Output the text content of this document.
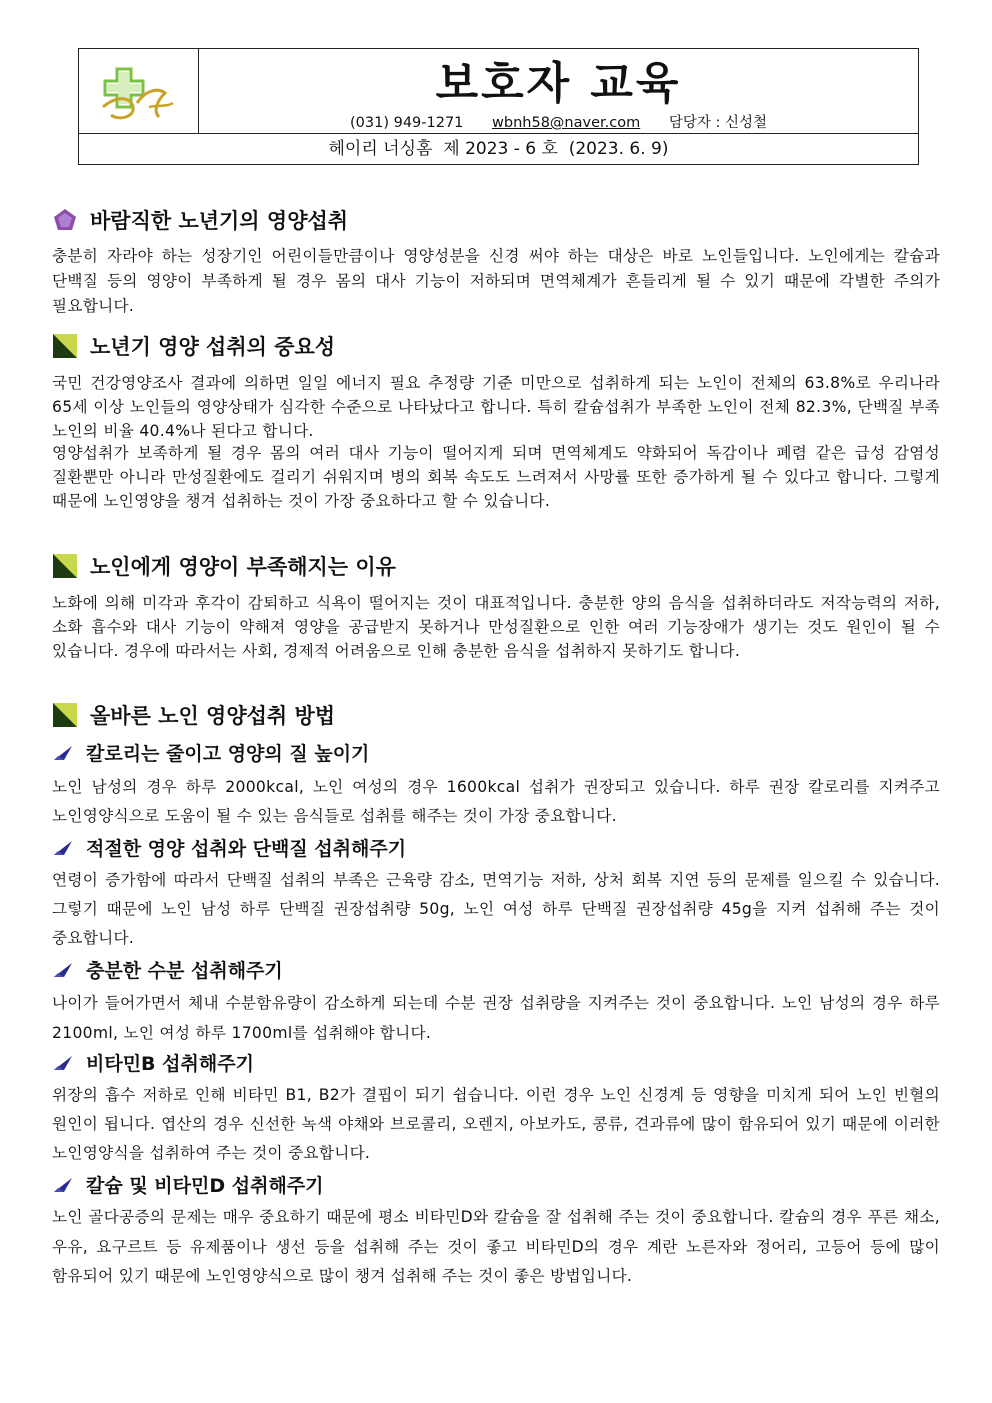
보호자 교육
(031) 949-1271 wbnh58@naver.com 담당자 : 신성철
헤이리 너싱홈  제 2023 - 6 호  (2023. 6. 9)
바람직한 노년기의 영양섭취
충분히 자라야 하는 성장기인 어린이들만큼이나 영양성분을 신경 써야 하는 대상은 바로 노인들입니다. 노인에게는 칼슘과 단백질 등의 영양이 부족하게 될 경우 몸의 대사 기능이 저하되며 면역체계가 흔들리게 될 수 있기 때문에 각별한 주의가 필요합니다.
노년기 영양 섭취의 중요성
국민 건강영양조사 결과에 의하면 일일 에너지 필요 추정량 기준 미만으로 섭취하게 되는 노인이 전체의 63.8%로 우리나라 65세 이상 노인들의 영양상태가 심각한 수준으로 나타났다고 합니다. 특히 칼슘섭취가 부족한 노인이 전체 82.3%, 단백질 부족 노인의 비율 40.4%나 된다고 합니다.
영양섭취가 보족하게 될 경우 몸의 여러 대사 기능이 떨어지게 되며 면역체계도 약화되어 독감이나 폐렴 같은 급성 감염성 질환뿐만 아니라 만성질환에도 걸리기 쉬워지며 병의 회복 속도도 느려져서 사망률 또한 증가하게 될 수 있다고 합니다. 그렇게 때문에 노인영양을 챙겨 섭취하는 것이 가장 중요하다고 할 수 있습니다.
노인에게 영양이 부족해지는 이유
노화에 의해 미각과 후각이 감퇴하고 식욕이 떨어지는 것이 대표적입니다. 충분한 양의 음식을 섭취하더라도 저작능력의 저하, 소화 흡수와 대사 기능이 약해져 영양을 공급받지 못하거나 만성질환으로 인한 여러 기능장애가 생기는 것도 원인이 될 수 있습니다. 경우에 따라서는 사회, 경제적 어려움으로 인해 충분한 음식을 섭취하지 못하기도 합니다.
올바른 노인 영양섭취 방법
칼로리는 줄이고 영양의 질 높이기
노인 남성의 경우 하루 2000kcal, 노인 여성의 경우 1600kcal 섭취가 권장되고 있습니다. 하루 권장 칼로리를 지켜주고 노인영양식으로 도움이 될 수 있는 음식들로 섭취를 해주는 것이 가장 중요합니다.
적절한 영양 섭취와 단백질 섭취해주기
연령이 증가함에 따라서 단백질 섭취의 부족은 근육량 감소, 면역기능 저하, 상처 회복 지연 등의 문제를 일으킬 수 있습니다. 그렇기 때문에 노인 남성 하루 단백질 권장섭취량 50g, 노인 여성 하루 단백질 권장섭취량 45g을 지켜 섭취해 주는 것이 중요합니다.
충분한 수분 섭취해주기
나이가 들어가면서 체내 수분함유량이 감소하게 되는데 수분 권장 섭취량을 지켜주는 것이 중요합니다. 노인 남성의 경우 하루 2100ml, 노인 여성 하루 1700ml를 섭취해야 합니다.
비타민B 섭취해주기
위장의 흡수 저하로 인해 비타민 B1, B2가 결핍이 되기 쉽습니다. 이런 경우 노인 신경계 등 영향을 미치게 되어 노인 빈혈의 원인이 됩니다. 엽산의 경우 신선한 녹색 야채와 브로콜리, 오렌지, 아보카도, 콩류, 견과류에 많이 함유되어 있기 때문에 이러한 노인영양식을 섭취하여 주는 것이 중요합니다.
칼슘 및 비타민D 섭취해주기
노인 골다공증의 문제는 매우 중요하기 때문에 평소 비타민D와 칼슘을 잘 섭취해 주는 것이 중요합니다. 칼슘의 경우 푸른 채소, 우유, 요구르트 등 유제품이나 생선 등을 섭취해 주는 것이 좋고 비타민D의 경우 계란 노른자와 정어리, 고등어 등에 많이 함유되어 있기 때문에 노인영양식으로 많이 챙겨 섭취해 주는 것이 좋은 방법입니다.
